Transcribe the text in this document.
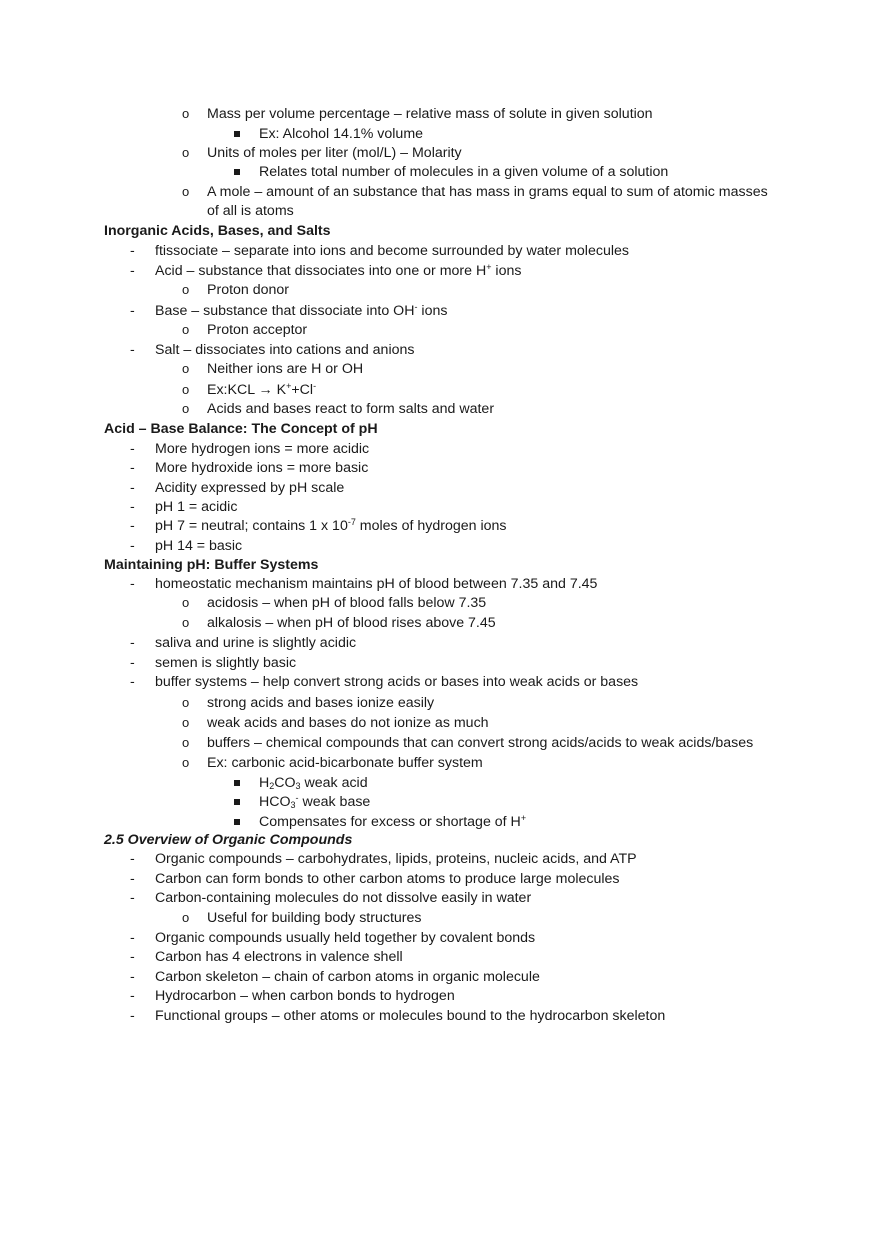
o Mass per volume percentage – relative mass of solute in given solution
Ex: Alcohol 14.1% volume
o Units of moles per liter (mol/L) – Molarity
Relates total number of molecules in a given volume of a solution
o A mole – amount of an substance that has mass in grams equal to sum of atomic masses
of all is atoms
Inorganic Acids, Bases, and Salts
- ftissociate – separate into ions and become surrounded by water molecules
- Acid – substance that dissociates into one or more H+ ions
o Proton donor
- Base – substance that dissociate into OH- ions
o Proton acceptor
- Salt – dissociates into cations and anions
o Neither ions are H or OH
o Ex:KCL → K++Cl-
o Acids and bases react to form salts and water
Acid – Base Balance: The Concept of pH
- More hydrogen ions = more acidic
- More hydroxide ions = more basic
- Acidity expressed by pH scale
- pH 1 = acidic
- pH 7 = neutral; contains 1 x $10^{-7}$ moles of hydrogen ions
- pH 14 = basic
Maintaining pH: Buffer Systems
- homeostatic mechanism maintains pH of blood between 7.35 and 7.45
o acidosis – when pH of blood falls below 7.35
o alkalosis – when pH of blood rises above 7.45
- saliva and urine is slightly acidic
- semen is slightly basic
- buffer systems – help convert strong acids or bases into weak acids or bases
o strong acids and bases ionize easily
o weak acids and bases do not ionize as much
o buffers – chemical compounds that can convert strong acids/acids to weak acids/bases
o Ex: carbonic acid-bicarbonate buffer system
$H_2CO_3$ weak acid
$HCO_3^-$ weak base
Compensates for excess or shortage of H+
2.5 Overview of Organic Compounds
- Organic compounds – carbohydrates, lipids, proteins, nucleic acids, and ATP
- Carbon can form bonds to other carbon atoms to produce large molecules
- Carbon-containing molecules do not dissolve easily in water
o Useful for building body structures
- Organic compounds usually held together by covalent bonds
- Carbon has 4 electrons in valence shell
- Carbon skeleton – chain of carbon atoms in organic molecule
- Hydrocarbon – when carbon bonds to hydrogen
- Functional groups – other atoms or molecules bound to the hydrocarbon skeleton
